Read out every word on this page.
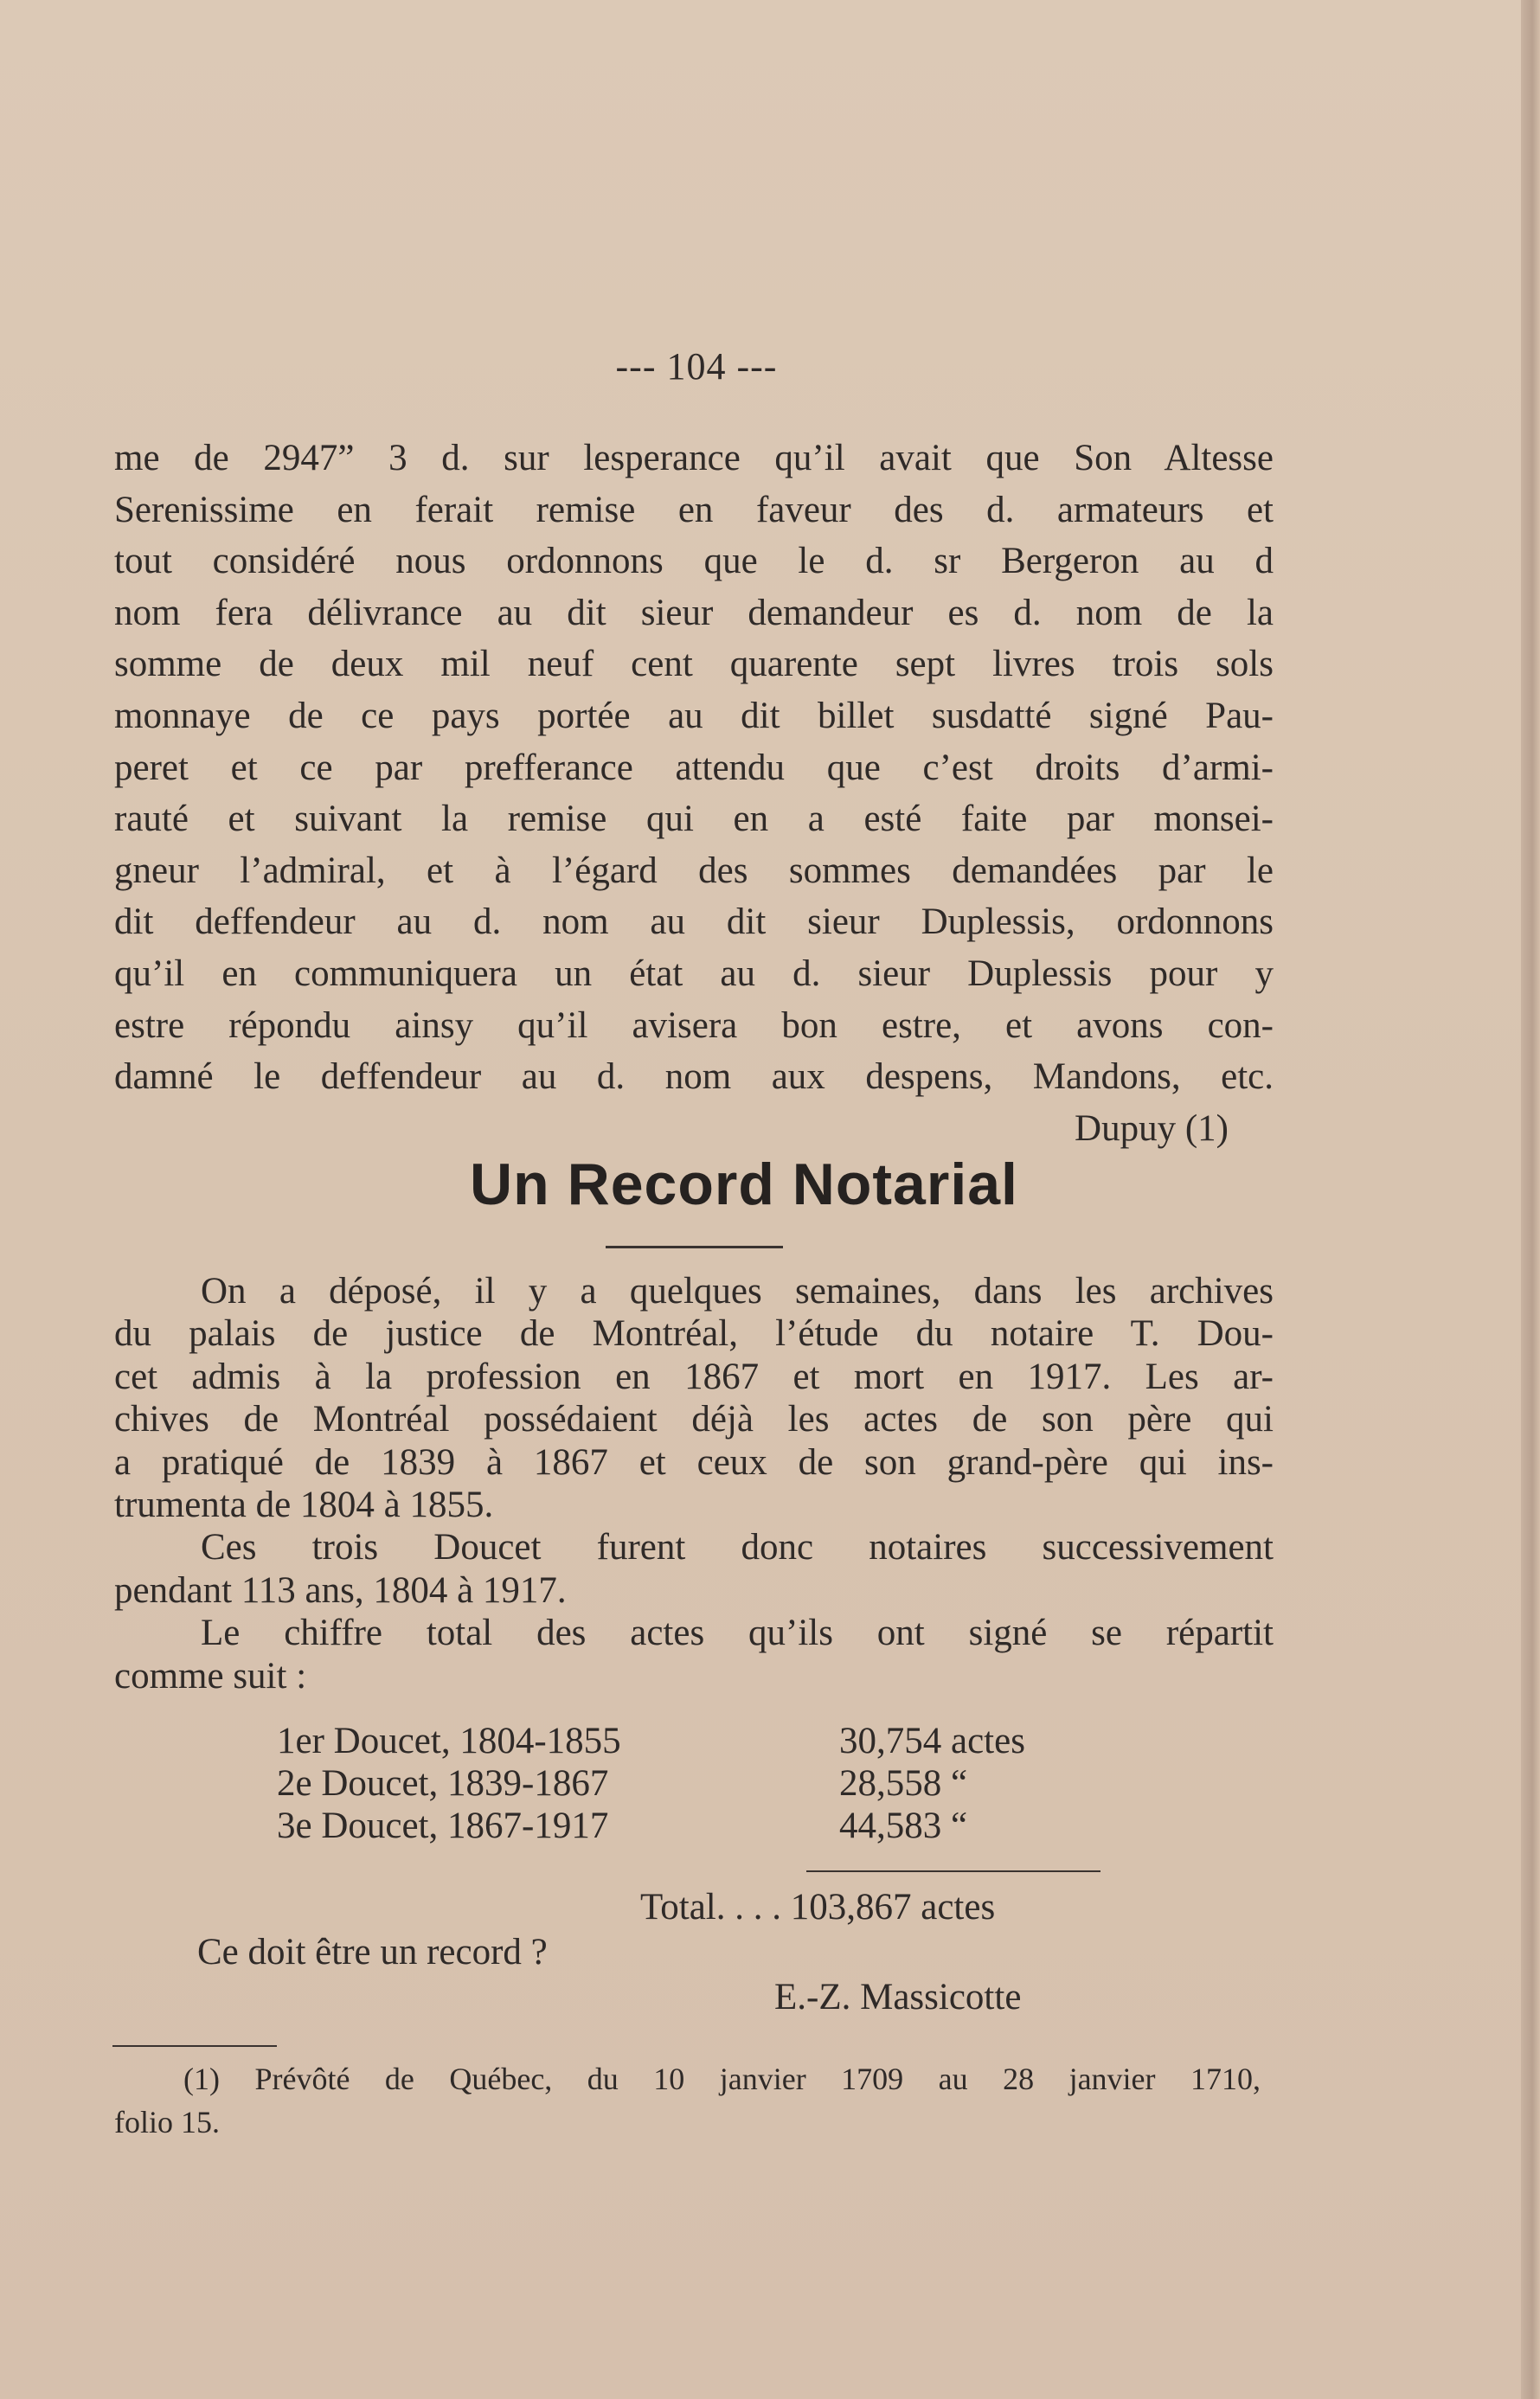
--- 104 ---
me de 2947” 3 d. sur lesperance qu’il avait que Son Altesse
Serenissime en ferait remise en faveur des d. armateurs et
tout considéré nous ordonnons que le d. sr Bergeron au d
nom fera délivrance au dit sieur demandeur es d. nom de la
somme de deux mil neuf cent quarente sept livres trois sols
monnaye de ce pays portée au dit billet susdatté signé Pau-
peret et ce par prefferance attendu que c’est droits d’armi-
rauté et suivant la remise qui en a esté faite par monsei-
gneur l’admiral, et à l’égard des sommes demandées par le
dit deffendeur au d. nom au dit sieur Duplessis, ordonnons
qu’il en communiquera un état au d. sieur Duplessis pour y
estre répondu ainsy qu’il avisera bon estre, et avons con-
damné le deffendeur au d. nom aux despens, Mandons, etc.
Dupuy (1)
Un Record Notarial
On a déposé, il y a quelques semaines, dans les archives
du palais de justice de Montréal, l’étude du notaire T. Dou-
cet admis à la profession en 1867 et mort en 1917. Les ar-
chives de Montréal possédaient déjà les actes de son père qui
a pratiqué de 1839 à 1867 et ceux de son grand-père qui ins-
trumenta de 1804 à 1855.
Ces trois Doucet furent donc notaires successivement
pendant 113 ans, 1804 à 1917.
Le chiffre total des actes qu’ils ont signé se répartit
comme suit :
1er Doucet, 1804-1855	30,754 actes
2e Doucet, 1839-1867	28,558 “
3e Doucet, 1867-1917	44,583 “
Total. . . . 103,867 actes
Ce doit être un record ?
E.-Z. Massicotte
(1) Prévôté de Québec, du 10 janvier 1709 au 28 janvier 1710,
folio 15.
